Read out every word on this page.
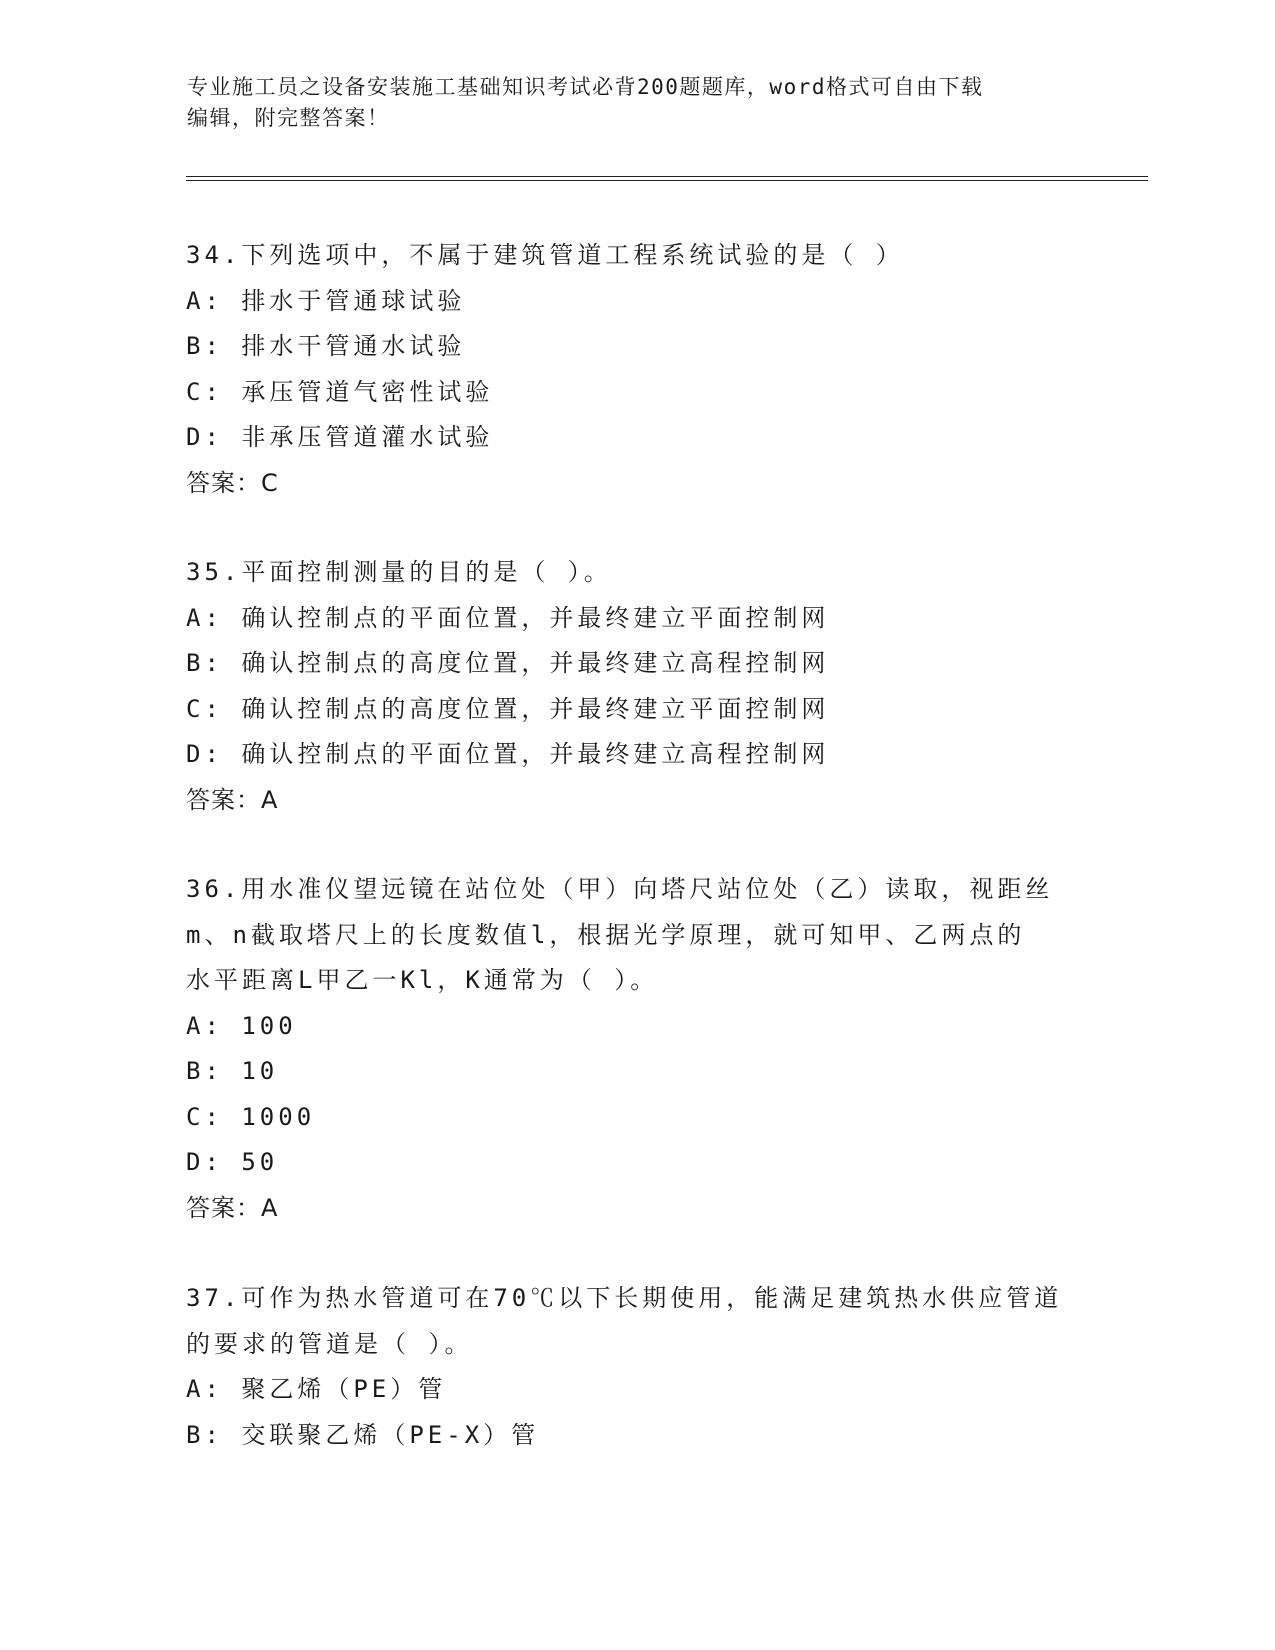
专业施工员之设备安装施工基础知识考试必背200题题库，word格式可自由下载
编辑，附完整答案！
34.下列选项中，不属于建筑管道工程系统试验的是（ ）
A: 排水于管通球试验
B: 排水干管通水试验
C: 承压管道气密性试验
D: 非承压管道灌水试验
答案：C
35.平面控制测量的目的是（ ）。
A: 确认控制点的平面位置，并最终建立平面控制网
B: 确认控制点的高度位置，并最终建立高程控制网
C: 确认控制点的高度位置，并最终建立平面控制网
D: 确认控制点的平面位置，并最终建立高程控制网
答案：A
36.用水准仪望远镜在站位处（甲）向塔尺站位处（乙）读取，视距丝
m、n截取塔尺上的长度数值l，根据光学原理，就可知甲、乙两点的
水平距离L甲乙一Kl，K通常为（ ）。
A: 100
B: 10
C: 1000
D: 50
答案：A
37.可作为热水管道可在70℃以下长期使用，能满足建筑热水供应管道
的要求的管道是（ ）。
A: 聚乙烯（PE）管
B: 交联聚乙烯（PE-X）管
